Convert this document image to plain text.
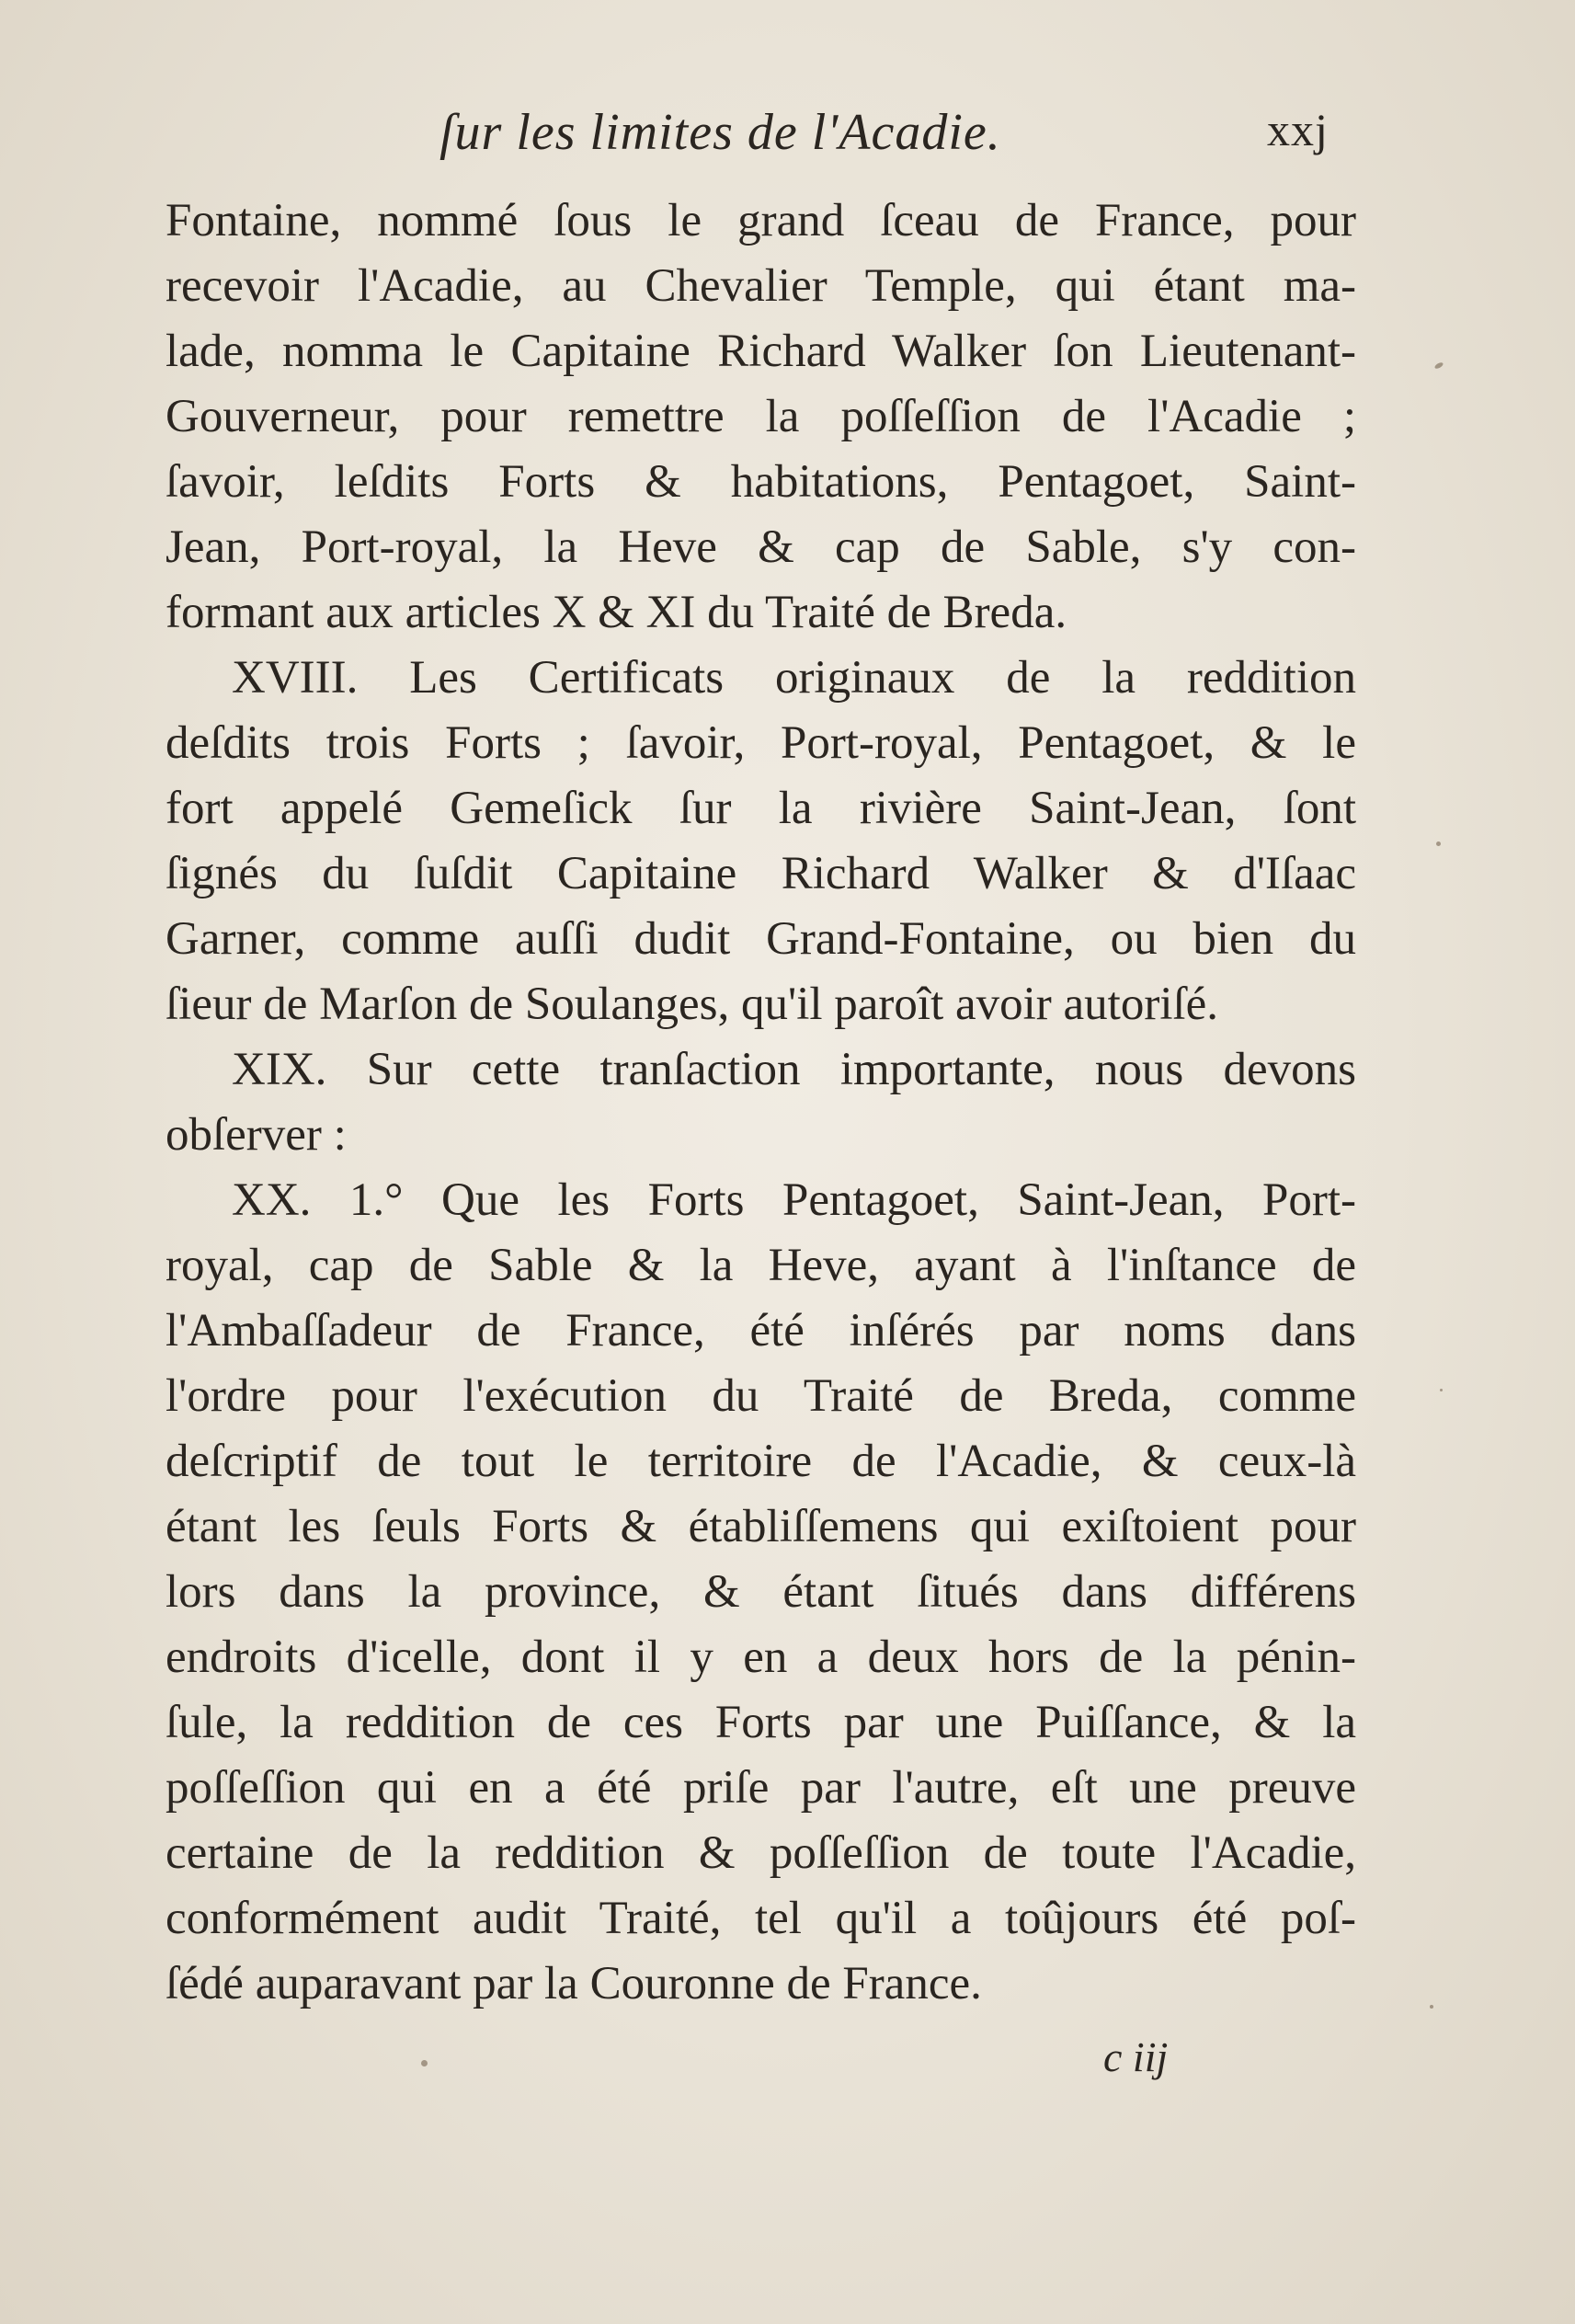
ſur les limites de l'Acadie.	xxj
Fontaine, nommé ſous le grand ſceau de France, pour
recevoir l'Acadie, au Chevalier Temple, qui étant ma-
lade, nomma le Capitaine Richard Walker ſon Lieutenant-
Gouverneur, pour remettre la poſſeſſion de l'Acadie ;
ſavoir, leſdits Forts & habitations, Pentagoet, Saint-
Jean, Port-royal, la Heve & cap de Sable, s'y con-
formant aux articles X & XI du Traité de Breda.
XVIII. Les Certificats originaux de la reddition
deſdits trois Forts ; ſavoir, Port-royal, Pentagoet, & le
fort appelé Gemeſick ſur la rivière Saint-Jean, ſont
ſignés du ſuſdit Capitaine Richard Walker & d'Iſaac
Garner, comme auſſi dudit Grand-Fontaine, ou bien du
ſieur de Marſon de Soulanges, qu'il paroît avoir autoriſé.
XIX. Sur cette tranſaction importante, nous devons
obſerver :
XX. 1.° Que les Forts Pentagoet, Saint-Jean, Port-
royal, cap de Sable & la Heve, ayant à l'inſtance de
l'Ambaſſadeur de France, été inſérés par noms dans
l'ordre pour l'exécution du Traité de Breda, comme
deſcriptif de tout le territoire de l'Acadie, & ceux-là
étant les ſeuls Forts & établiſſemens qui exiſtoient pour
lors dans la province, & étant ſitués dans différens
endroits d'icelle, dont il y en a deux hors de la pénin-
ſule, la reddition de ces Forts par une Puiſſance, & la
poſſeſſion qui en a été priſe par l'autre, eſt une preuve
certaine de la reddition & poſſeſſion de toute l'Acadie,
conformément audit Traité, tel qu'il a toûjours été poſ-
ſédé auparavant par la Couronne de France.
c iij
